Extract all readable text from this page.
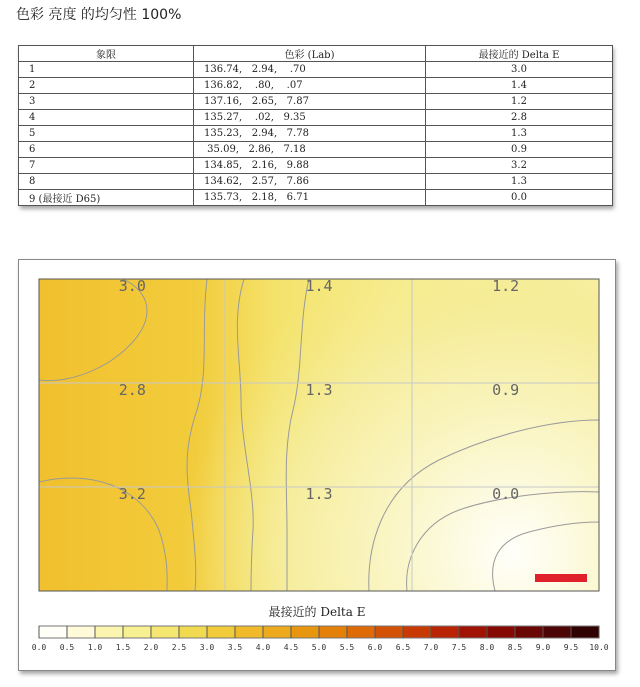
色彩 亮度 的均匀性 100%
象限	色彩 (Lab)	最接近的 Delta E
1	136.74,   2.94,    .70	3.0
2	136.82,    .80,    .07	1.4
3	137.16,   2.65,   7.87	1.2
4	135.27,    .02,   9.35	2.8
5	135.23,   2.94,   7.78	1.3
6	35.09,   2.86,   7.18	0.9
7	134.85,   2.16,   9.88	3.2
8	134.62,   2.57,   7.86	1.3
9 (最接近 D65)	135.73,   2.18,   6.71	0.0
3.0	1.4	1.2
2.8	1.3	0.9
3.2	1.3	0.0
最接近的 Delta E
0.0 0.5 1.0 1.5 2.0 2.5 3.0 3.5 4.0 4.5 5.0 5.5 6.0 6.5 7.0 7.5 8.0 8.5 9.0 9.5 10.0
